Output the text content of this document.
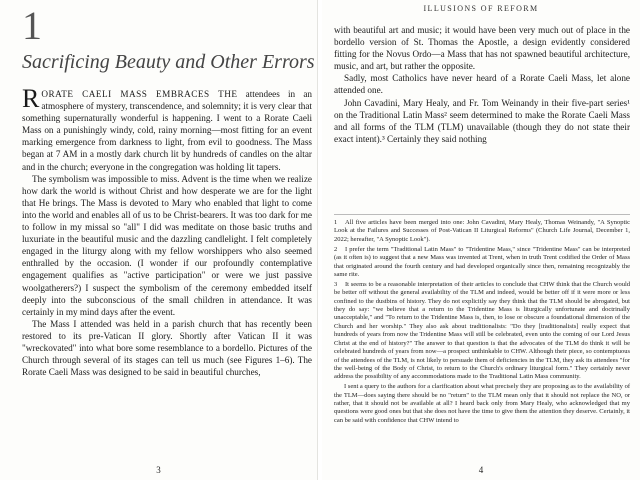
1
Sacrificing Beauty and Other Errors

RORATE CAELI MASS EMBRACES THE attendees in an atmosphere of mystery, transcendence, and solemnity; it is very clear that something supernaturally wonderful is happening. I went to a Rorate Caeli Mass on a punishingly windy, cold, rainy morning—most fitting for an event marking emergence from darkness to light, from evil to goodness. The Mass began at 7 AM in a mostly dark church lit by hundreds of candles on the altar and in the church; everyone in the congregation was holding lit tapers.

The symbolism was impossible to miss. Advent is the time when we realize how dark the world is without Christ and how desperate we are for the light that He brings. The Mass is devoted to Mary who enabled that light to come into the world and enables all of us to be Christ-bearers. It was too dark for me to follow in my missal so "all" I did was meditate on those basic truths and luxuriate in the beautiful music and the dazzling candlelight. I felt completely engaged in the liturgy along with my fellow worshippers who also seemed enthralled by the occasion. (I wonder if our profoundly contemplative engagement qualifies as "active participation" or were we just passive woolgatherers?) I suspect the symbolism of the ceremony embedded itself deeply into the subconscious of the small children in attendance. It was certainly in my mind days after the event.

The Mass I attended was held in a parish church that has recently been restored to its pre-Vatican II glory. Shortly after Vatican II it was "wreckovated" into what bore some resemblance to a bordello. Pictures of the Church through several of its stages can tell us much (see Figures 1–6). The Rorate Caeli Mass was designed to be said in beautiful churches,

3
ILLUSIONS OF REFORM

with beautiful art and music; it would have been very much out of place in the bordello version of St. Thomas the Apostle, a design evidently considered fitting for the Novus Ordo—a Mass that has not spawned beautiful architecture, music, and art, but rather the opposite.

Sadly, most Catholics have never heard of a Rorate Caeli Mass, let alone attended one.

John Cavadini, Mary Healy, and Fr. Tom Weinandy in their five-part series¹ on the Traditional Latin Mass² seem determined to make the Rorate Caeli Mass and all forms of the TLM (TLM) unavailable (though they do not state their exact intent).³ Certainly they said nothing

1 All five articles have been merged into one: John Cavadini, Mary Healy, Thomas Weinandy, "A Synoptic Look at the Failures and Successes of Post-Vatican II Liturgical Reforms" (Church Life Journal, December 1, 2022; hereafter, "A Synoptic Look").
2 I prefer the term "Traditional Latin Mass" to "Tridentine Mass," since "Tridentine Mass" can be interpreted (as it often is) to suggest that a new Mass was invented at Trent, when in truth Trent codified the Order of Mass that originated around the fourth century and had developed organically since then, remaining recognizably the same rite.
3 It seems to be a reasonable interpretation of their articles to conclude that CHW think that the Church would be better off without the general availability of the TLM and indeed, would be better off if it were more or less confined to the dustbins of history. They do not explicitly say they think that the TLM should be abrogated, but they do say: "we believe that a return to the Tridentine Mass is liturgically unfortunate and doctrinally unacceptable," and "To return to the Tridentine Mass is, then, to lose or obscure a foundational dimension of the Church and her worship." They also ask about traditionalists: "Do they [traditionalists] really expect that hundreds of years from now the Tridentine Mass will still be celebrated, even unto the coming of our Lord Jesus Christ at the end of history?" The answer to that question is that the advocates of the TLM do think it will be celebrated hundreds of years from now—a prospect unthinkable to CHW. Although their piece, so contemptuous of the attendees of the TLM, is not likely to persuade them of deficiencies in the TLM, they ask its attendees "for the well-being of the Body of Christ, to return to the Church's ordinary liturgical form." They certainly never address the possibility of any accommodations made to the Traditional Latin Mass community.

I sent a query to the authors for a clarification about what precisely they are proposing as to the availability of the TLM—does saying there should be no "return" to the TLM mean only that it should not replace the NO, or rather, that it should not be available at all? I heard back only from Mary Healy, who acknowledged that my questions were good ones but that she does not have the time to give them the attention they deserve. Certainly, it can be said with confidence that CHW intend to

4
